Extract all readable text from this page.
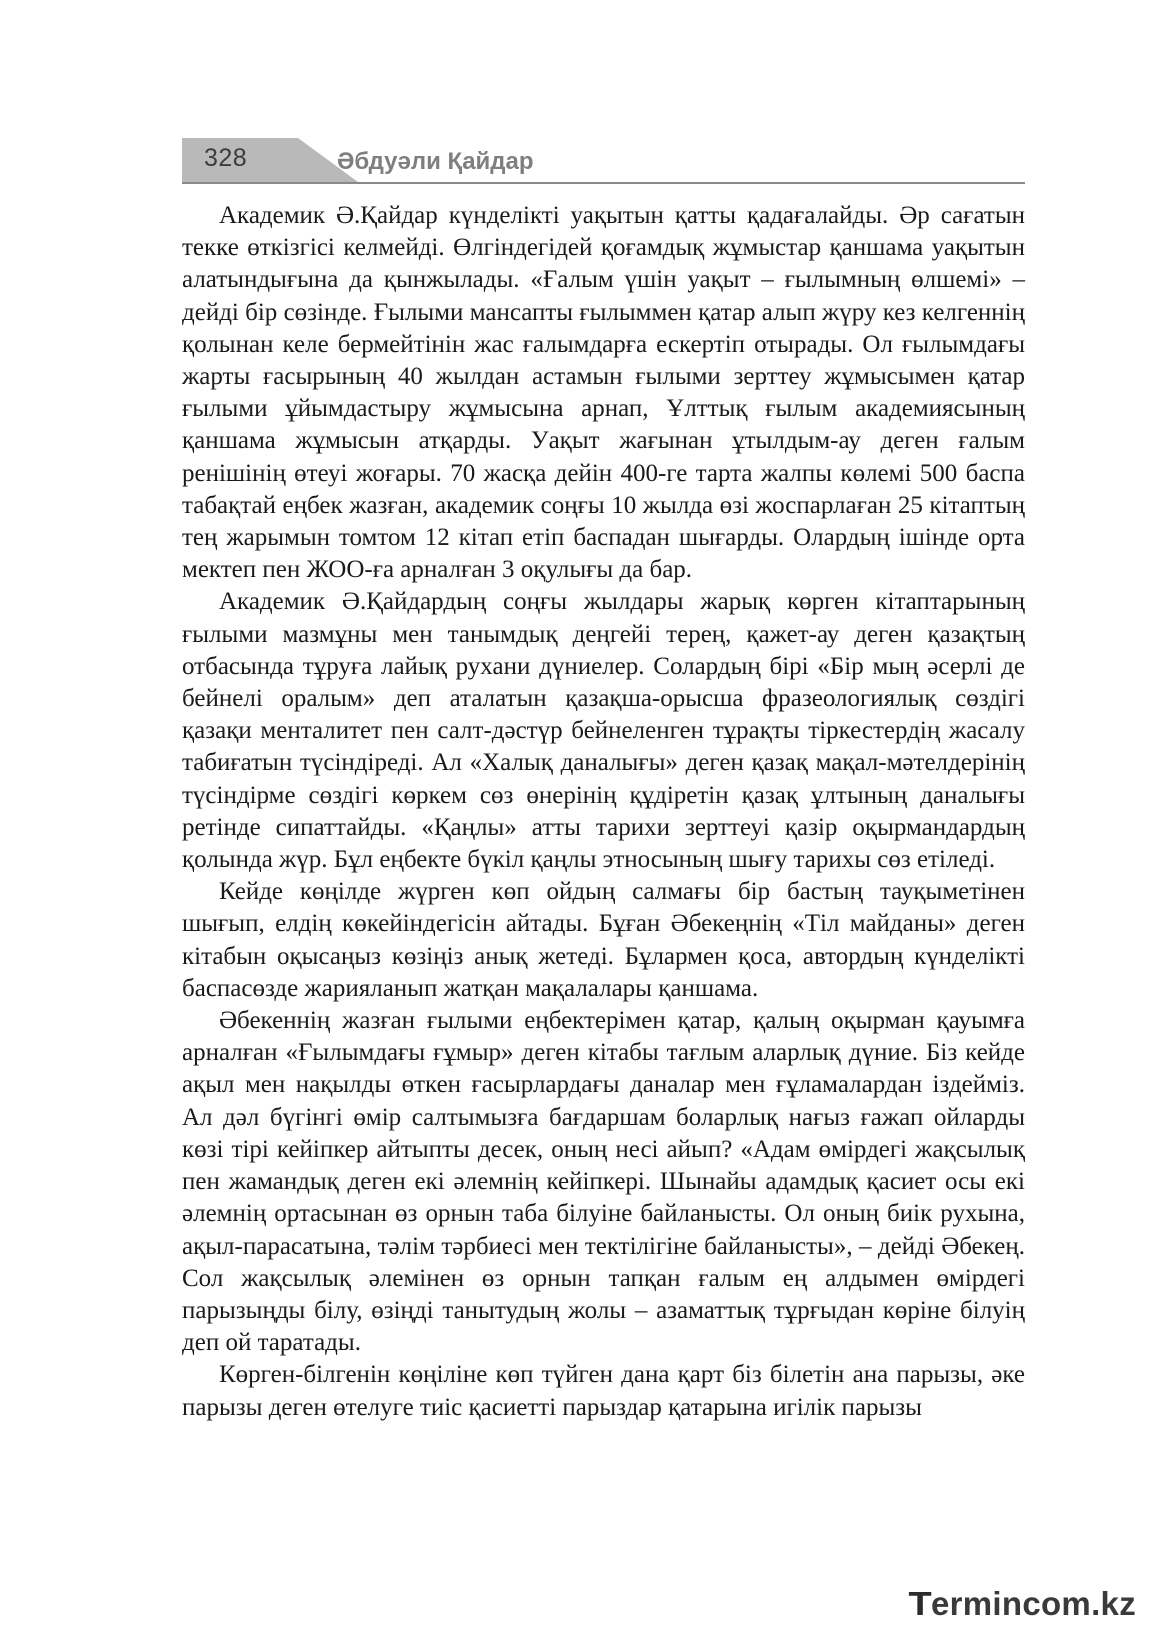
328	Әбдуәли Қайдар

Академик Ә.Қайдар күнделікті уақытын қатты қадағалайды. Әр сағатын текке өткізгісі келмейді. Өлгіндегідей қоғамдық жұмыстар қаншама уақытын алатындығына да қынжылады. «Ғалым үшін уақыт – ғылымның өлшемі» – дейді бір сөзінде. Ғылыми мансапты ғылыммен қатар алып жүру кез келгеннің қолынан келе бермейтінін жас ғалымдарға ескертіп отырады. Ол ғылымдағы жарты ғасырының 40 жылдан астамын ғылыми зерттеу жұмысымен қатар ғылыми ұйымдастыру жұмысына арнап, Ұлттық ғылым академиясының қаншама жұмысын атқарды. Уақыт жағынан ұтылдым-ау деген ғалым ренішінің өтеуі жоғары. 70 жасқа дейін 400-ге тарта жалпы көлемі 500 баспа табақтай еңбек жазған, академик соңғы 10 жылда өзі жоспарлаған 25 кітаптың тең жарымын томтом 12 кітап етіп баспадан шығарды. Олардың ішінде орта мектеп пен ЖОО-ға арналған 3 оқулығы да бар.

Академик Ә.Қайдардың соңғы жылдары жарық көрген кітаптарының ғылыми мазмұны мен танымдық деңгейі терең, қажет-ау деген қазақтың отбасында тұруға лайық рухани дүниелер. Солардың бірі «Бір мың әсерлі де бейнелі оралым» деп аталатын қазақша-орысша фразеологиялық сөздігі қазақи менталитет пен салт-дәстүр бейнеленген тұрақты тіркестердің жасалу табиғатын түсіндіреді. Ал «Халық даналығы» деген қазақ мақал-мәтелдерінің түсіндірме сөздігі көркем сөз өнерінің құдіретін қазақ ұлтының даналығы ретінде сипаттайды. «Қаңлы» атты тарихи зерттеуі қазір оқырмандардың қолында жүр. Бұл еңбекте бүкіл қаңлы этносының шығу тарихы сөз етіледі.

Кейде көңілде жүрген көп ойдың салмағы бір бастың тауқыметінен шығып, елдің көкейіндегісін айтады. Бұған Әбекеңнің «Тіл майданы» деген кітабын оқысаңыз көзіңіз анық жетеді. Бұлармен қоса, автордың күнделікті баспасөзде жарияланып жатқан мақалалары қаншама.

Әбекеннің жазған ғылыми еңбектерімен қатар, қалың оқырман қауымға арналған «Ғылымдағы ғұмыр» деген кітабы тағлым аларлық дүние. Біз кейде ақыл мен нақылды өткен ғасырлардағы даналар мен ғұламалардан іздейміз. Ал дәл бүгінгі өмір салтымызға бағдаршам боларлық нағыз ғажап ойларды көзі тірі кейіпкер айтыпты десек, оның несі айып? «Адам өмірдегі жақсылық пен жамандық деген екі әлемнің кейіпкері. Шынайы адамдық қасиет осы екі әлемнің ортасынан өз орнын таба білуіне байланысты. Ол оның биік рухына, ақыл-парасатына, тәлім тәрбиесі мен тектілігіне байланысты», – дейді Әбекең. Сол жақсылық әлемінен өз орнын тапқан ғалым ең алдымен өмірдегі парызыңды білу, өзіңді танытудың жолы – азаматтық тұрғыдан көріне білуің деп ой таратады.

Көрген-білгенін көңіліне көп түйген дана қарт біз білетін ана парызы, әке парызы деген өтелуге тиіс қасиетті парыздар қатарына игілік парызы

Termincom.kz
